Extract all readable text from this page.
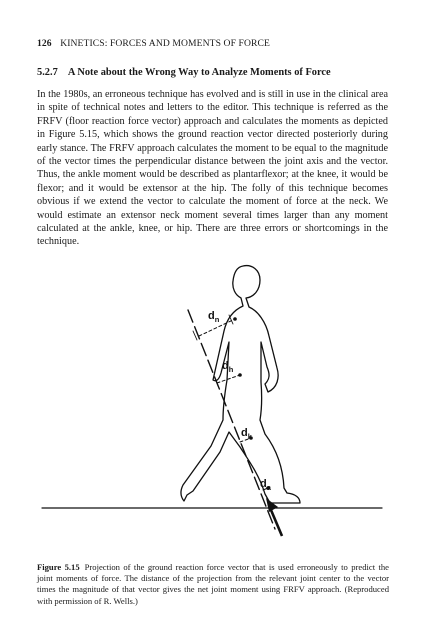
126 KINETICS: FORCES AND MOMENTS OF FORCE
5.2.7 A Note about the Wrong Way to Analyze Moments of Force

In the 1980s, an erroneous technique has evolved and is still in use in the clinical area in spite of technical notes and letters to the editor. This technique is referred as the FRFV (floor reaction force vector) approach and calculates the moments as depicted in Figure 5.15, which shows the ground reaction vector directed posteriorly during early stance. The FRFV approach calculates the moment to be equal to the magnitude of the vector times the perpendicular distance between the joint axis and the vector. Thus, the ankle moment would be described as plantarflexor; at the knee, it would be flexor; and it would be extensor at the hip. The folly of this technique becomes obvious if we extend the vector to calculate the moment of force at the neck. We would estimate an extensor neck moment several times larger than any moment calculated at the ankle, knee, or hip. There are three errors or shortcomings in the technique.

$d_n$
$d_h$
$d_k$
$d_a$

Figure 5.15 Projection of the ground reaction force vector that is used erroneously to predict the joint moments of force. The distance of the projection from the relevant joint center to the vector times the magnitude of that vector gives the net joint moment using FRFV approach. (Reproduced with permission of R. Wells.)
